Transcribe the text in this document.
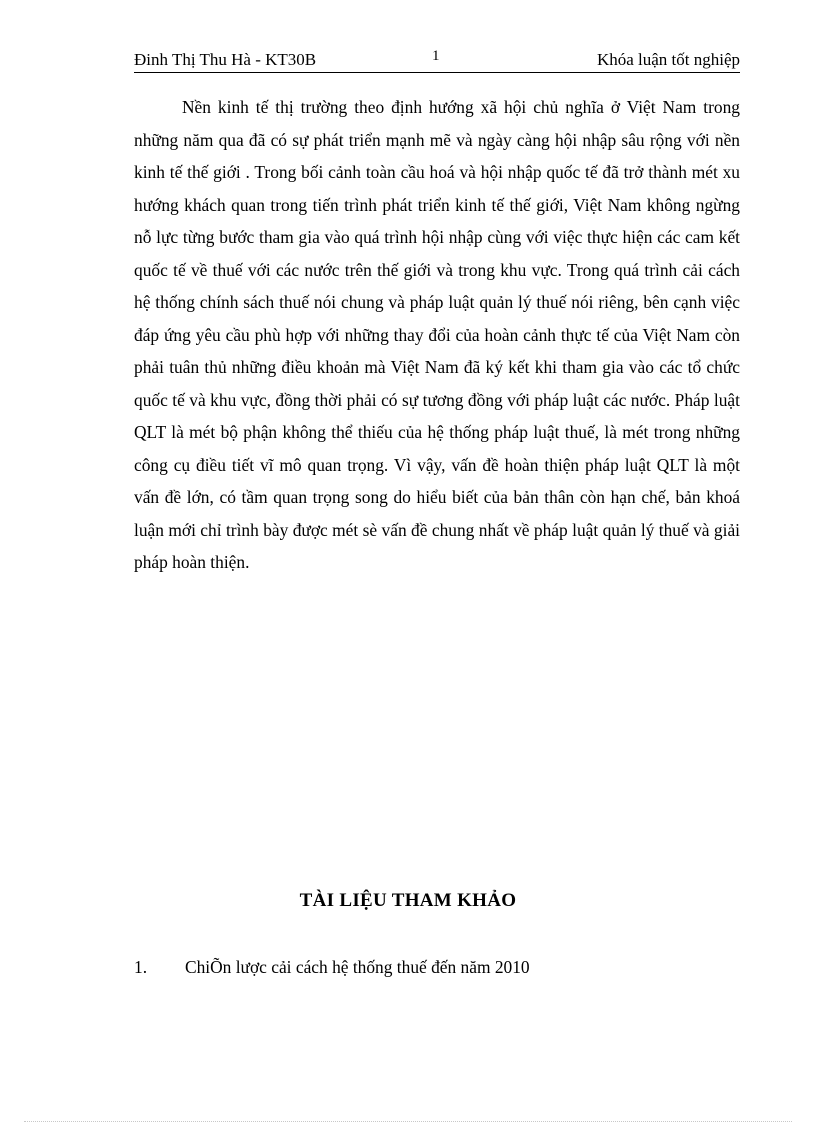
Đinh Thị Thu Hà - KT30B	1	Khóa luận tốt nghiệp

Nền kinh tế thị trường theo định hướng xã hội chủ nghĩa ở Việt Nam trong những năm qua đã có sự phát triển mạnh mẽ và ngày càng hội nhập sâu rộng với nền kinh tế thế giới . Trong bối cảnh toàn cầu hoá và hội nhập quốc tế đã trở thành mét xu hướng khách quan trong tiến trình phát triển kinh tế thế giới, Việt Nam không ngừng nỗ lực từng bước tham gia vào quá trình hội nhập cùng với việc thực hiện các cam kết quốc tế về thuế với các nước trên thế giới và trong khu vực. Trong quá trình cải cách hệ thống chính sách thuế nói chung và pháp luật quản lý thuế nói riêng, bên cạnh việc đáp ứng yêu cầu phù hợp với những thay đổi của hoàn cảnh thực tế của Việt Nam còn phải tuân thủ những điều khoản mà Việt Nam đã ký kết khi tham gia vào các tổ chức quốc tế và khu vực, đồng thời phải có sự tương đồng với pháp luật các nước. Pháp luật QLT là mét bộ phận không thể thiếu của hệ thống pháp luật thuế, là mét trong những công cụ điều tiết vĩ mô quan trọng. Vì vậy, vấn đề hoàn thiện pháp luật QLT là một vấn đề lớn, có tầm quan trọng song do hiểu biết của bản thân còn hạn chế, bản khoá luận mới chỉ trình bày được mét sè vấn đề chung nhất về pháp luật quản lý thuế và giải pháp hoàn thiện.

TÀI LIỆU THAM KHẢO
1. ChiÕn lược cải cách hệ thống thuế đến năm 2010
